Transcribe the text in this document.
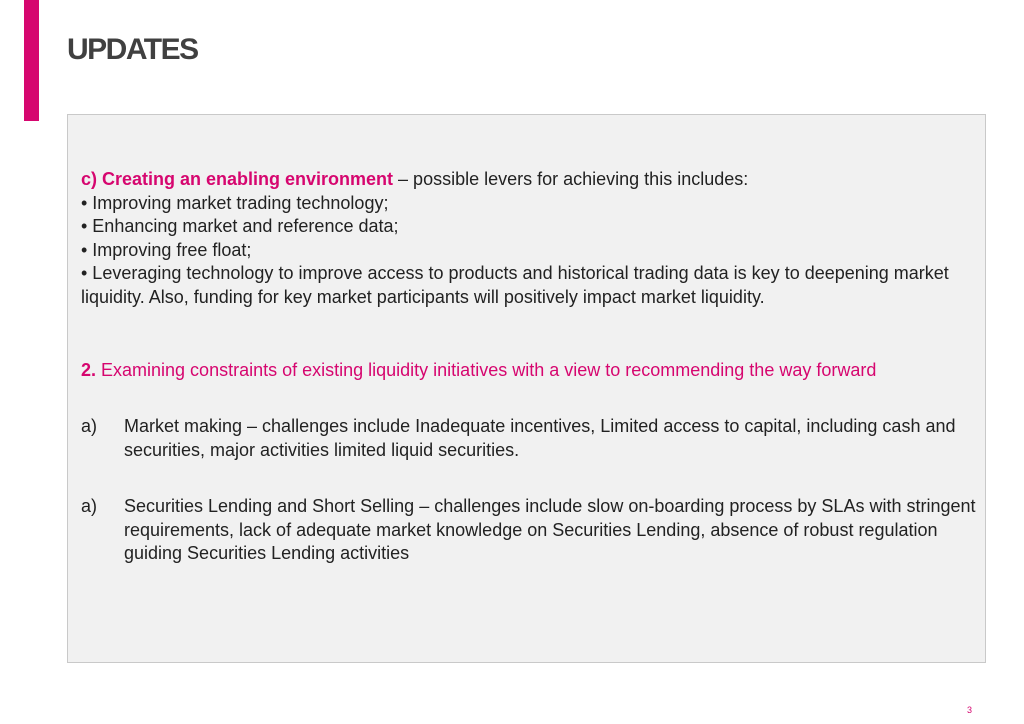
UPDATES
c) Creating an enabling environment – possible levers for achieving this includes:
• Improving market trading technology;
• Enhancing market and reference data;
• Improving free float;
• Leveraging technology to improve access to products and historical trading data is key to deepening market liquidity. Also, funding for key market participants will positively impact market liquidity.
2. Examining constraints of existing liquidity initiatives with a view to recommending the way forward
a) Market making – challenges include Inadequate incentives, Limited access to capital, including cash and securities, major activities limited liquid securities.
a) Securities Lending and Short Selling – challenges include slow on-boarding process by SLAs with stringent requirements, lack of adequate market knowledge on Securities Lending, absence of robust regulation guiding Securities Lending activities
3
